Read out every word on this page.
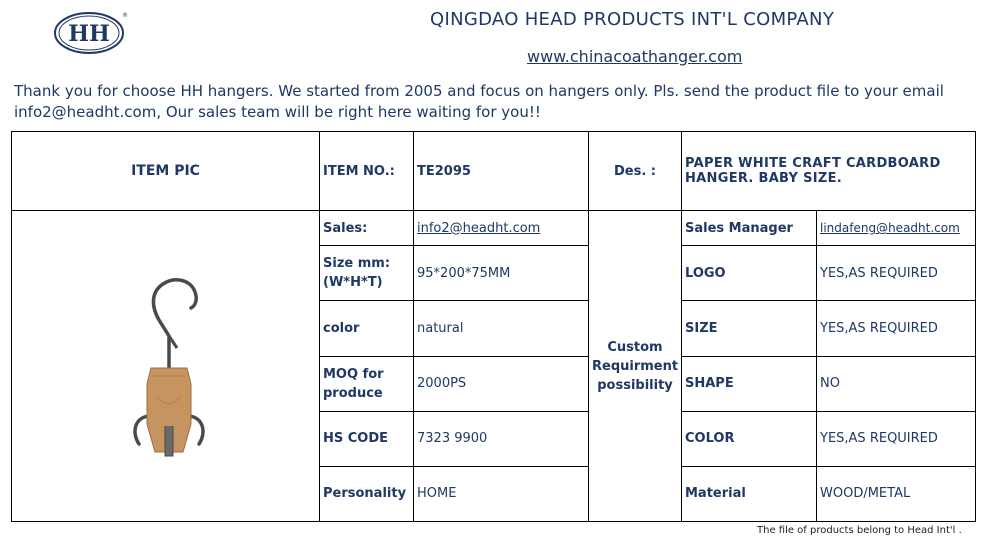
HH
®	QINGDAO HEAD PRODUCTS INT'L COMPANY
www.chinacoathanger.com
Thank you for choose HH hangers. We started from 2005 and focus on hangers only. Pls. send the product file to your email info2@headht.com, Our sales team will be right here waiting for you!!
ITEM PIC	ITEM NO.:	TE2095	Des. :	PAPER WHITE CRAFT CARDBOARD HANGER. BABY SIZE.	

	Sales:	info2@headht.com	Custom Requirment possibility	Sales Manager	lindafeng@headht.com
	Size mm: (W*H*T)	95*200*75MM		LOGO	YES,AS REQUIRED
	color	natural		SIZE	YES,AS REQUIRED
	MOQ for produce	2000PS		SHAPE	NO
	HS CODE	7323 9900		COLOR	YES,AS REQUIRED
	Personality	HOME		Material	WOOD/METAL
The file of products belong to Head Int'l .
